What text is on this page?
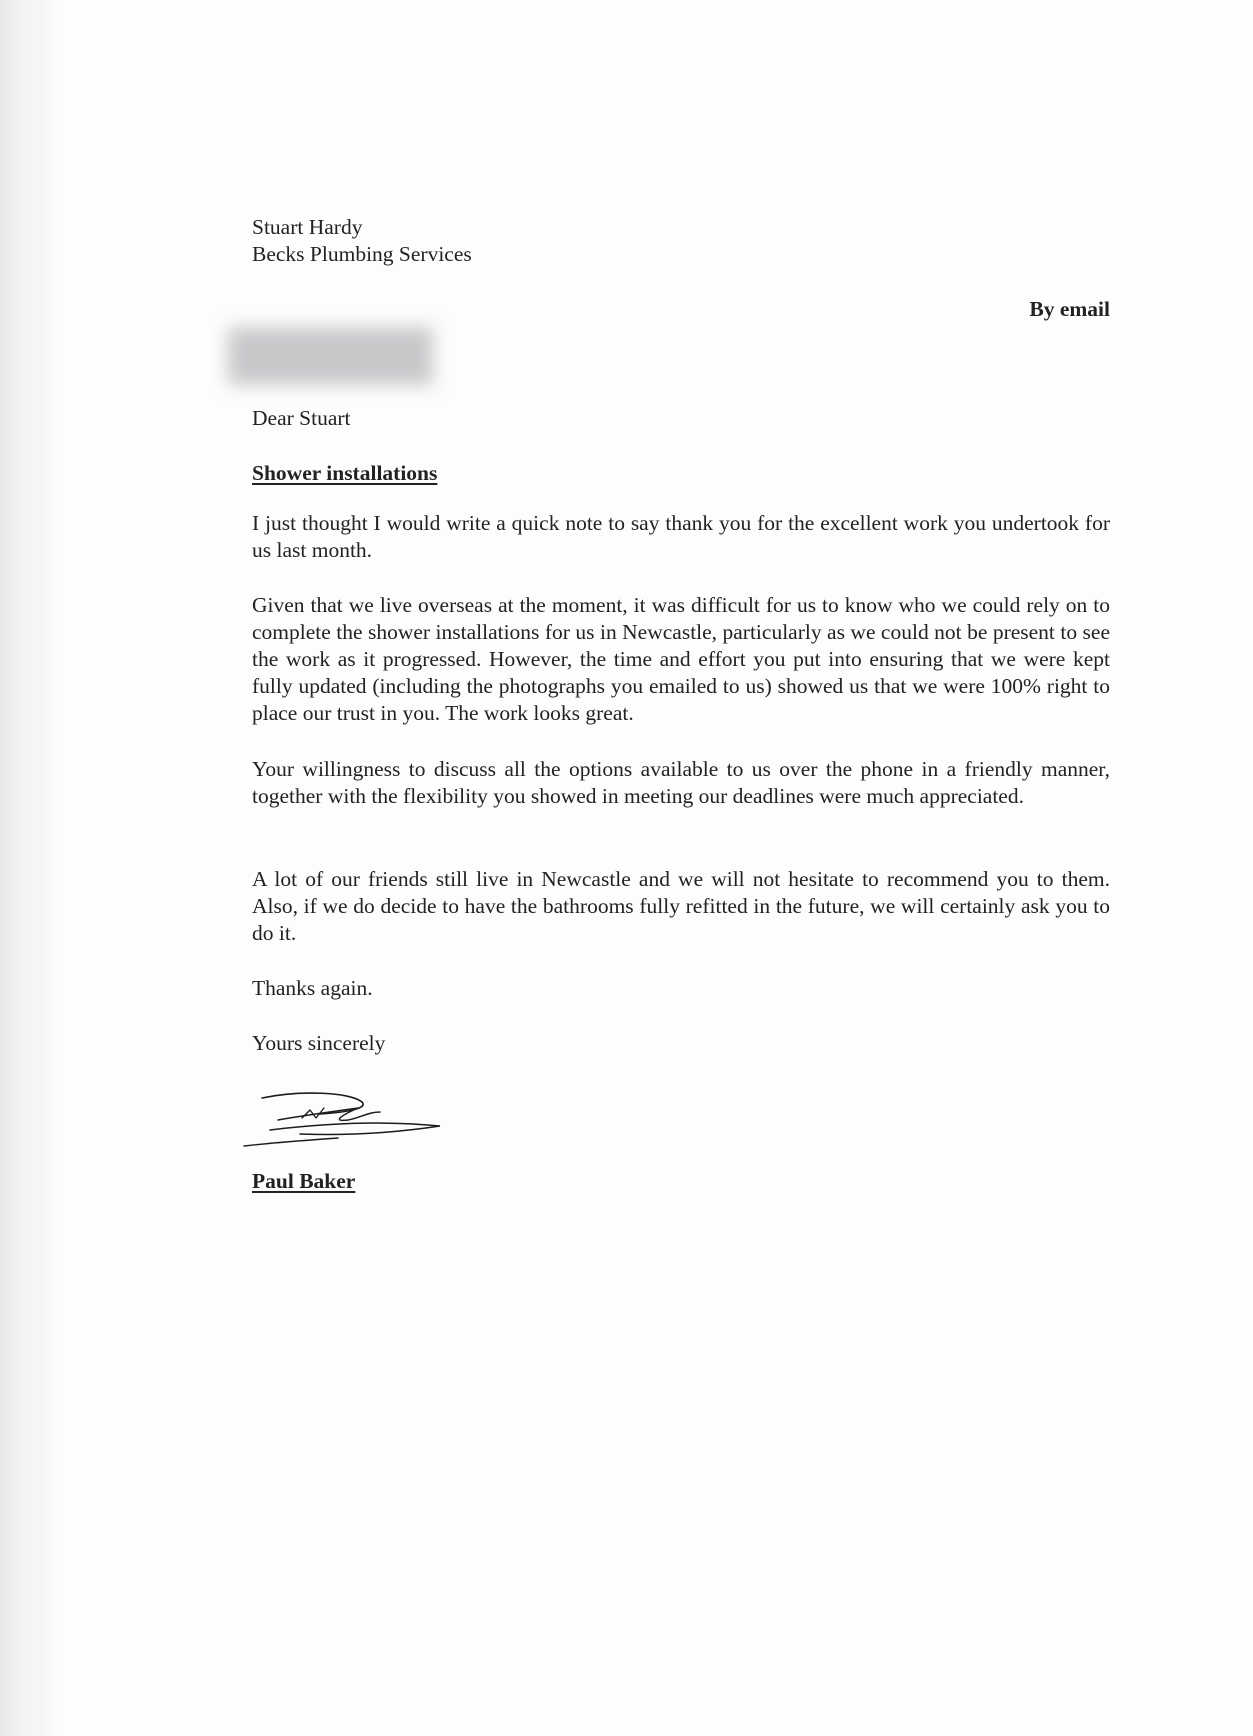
Stuart Hardy
Becks Plumbing Services
By email
Dear Stuart
Shower installations
I just thought I would write a quick note to say thank you for the excellent work you undertook for us last month.
Given that we live overseas at the moment, it was difficult for us to know who we could rely on to complete the shower installations for us in Newcastle, particularly as we could not be present to see the work as it progressed. However, the time and effort you put into ensuring that we were kept fully updated (including the photographs you emailed to us) showed us that we were 100% right to place our trust in you. The work looks great.
Your willingness to discuss all the options available to us over the phone in a friendly manner, together with the flexibility you showed in meeting our deadlines were much appreciated.
A lot of our friends still live in Newcastle and we will not hesitate to recommend you to them. Also, if we do decide to have the bathrooms fully refitted in the future, we will certainly ask you to do it.
Thanks again.
Yours sincerely
Paul Baker
